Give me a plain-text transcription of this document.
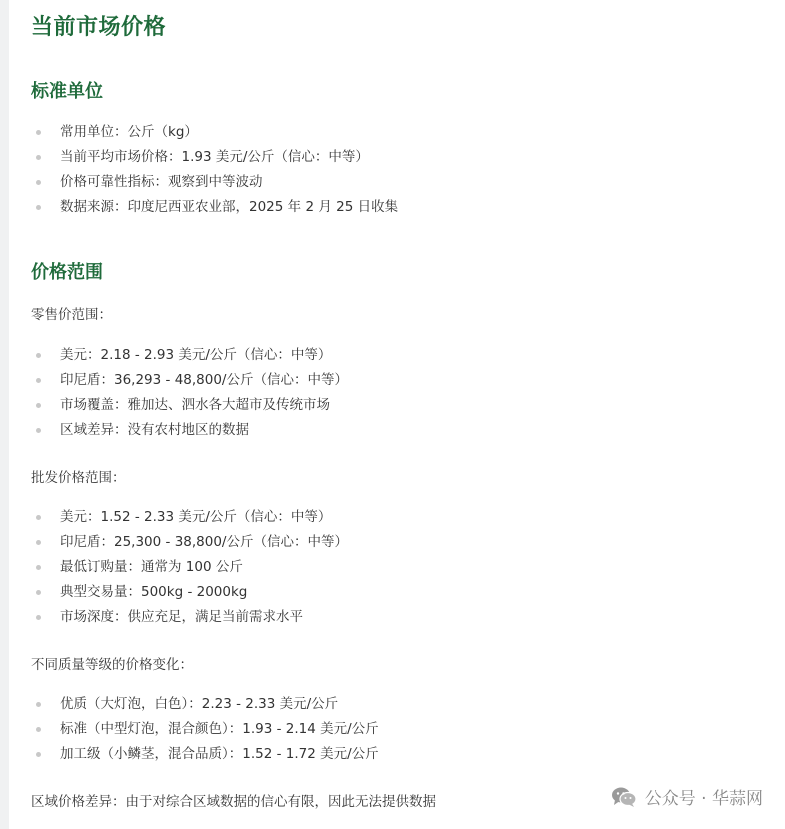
当前市场价格
标准单位
常用单位：公斤（kg）
当前平均市场价格：1.93 美元/公斤（信心：中等）
价格可靠性指标：观察到中等波动
数据来源：印度尼西亚农业部，2025 年 2 月 25 日收集
价格范围
零售价范围：
美元：2.18 - 2.93 美元/公斤（信心：中等）
印尼盾：36,293 - 48,800/公斤（信心：中等）
市场覆盖：雅加达、泗水各大超市及传统市场
区域差异：没有农村地区的数据
批发价格范围：
美元：1.52 - 2.33 美元/公斤（信心：中等）
印尼盾：25,300 - 38,800/公斤（信心：中等）
最低订购量：通常为 100 公斤
典型交易量：500kg - 2000kg
市场深度：供应充足，满足当前需求水平
不同质量等级的价格变化：
优质（大灯泡，白色）：2.23 - 2.33 美元/公斤
标准（中型灯泡，混合颜色）：1.93 - 2.14 美元/公斤
加工级（小鳞茎，混合品质）：1.52 - 1.72 美元/公斤
区域价格差异：由于对综合区域数据的信心有限，因此无法提供数据	公众号 · 华蒜网
